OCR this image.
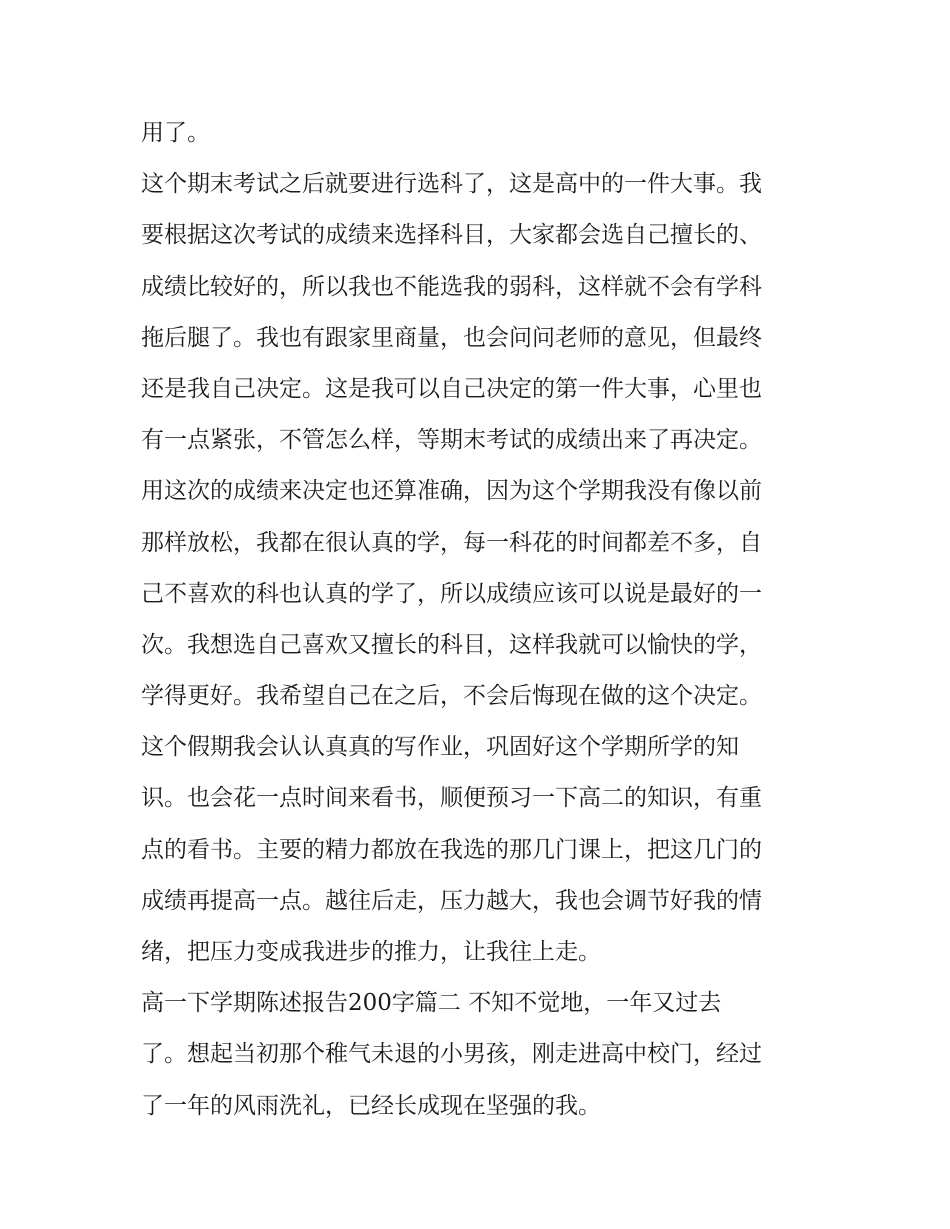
用了。
这个期末考试之后就要进行选科了，这是高中的一件大事。我
要根据这次考试的成绩来选择科目，大家都会选自己擅长的、
成绩比较好的，所以我也不能选我的弱科，这样就不会有学科
拖后腿了。我也有跟家里商量，也会问问老师的意见，但最终
还是我自己决定。这是我可以自己决定的第一件大事，心里也
有一点紧张，不管怎么样，等期末考试的成绩出来了再决定。
用这次的成绩来决定也还算准确，因为这个学期我没有像以前
那样放松，我都在很认真的学，每一科花的时间都差不多，自
己不喜欢的科也认真的学了，所以成绩应该可以说是最好的一
次。我想选自己喜欢又擅长的科目，这样我就可以愉快的学，
学得更好。我希望自己在之后，不会后悔现在做的这个决定。
这个假期我会认认真真的写作业，巩固好这个学期所学的知
识。也会花一点时间来看书，顺便预习一下高二的知识，有重
点的看书。主要的精力都放在我选的那几门课上，把这几门的
成绩再提高一点。越往后走，压力越大，我也会调节好我的情
绪，把压力变成我进步的推力，让我往上走。
高一下学期陈述报告200字篇二 不知不觉地，一年又过去
了。想起当初那个稚气未退的小男孩，刚走进高中校门，经过
了一年的风雨洗礼，已经长成现在坚强的我。
